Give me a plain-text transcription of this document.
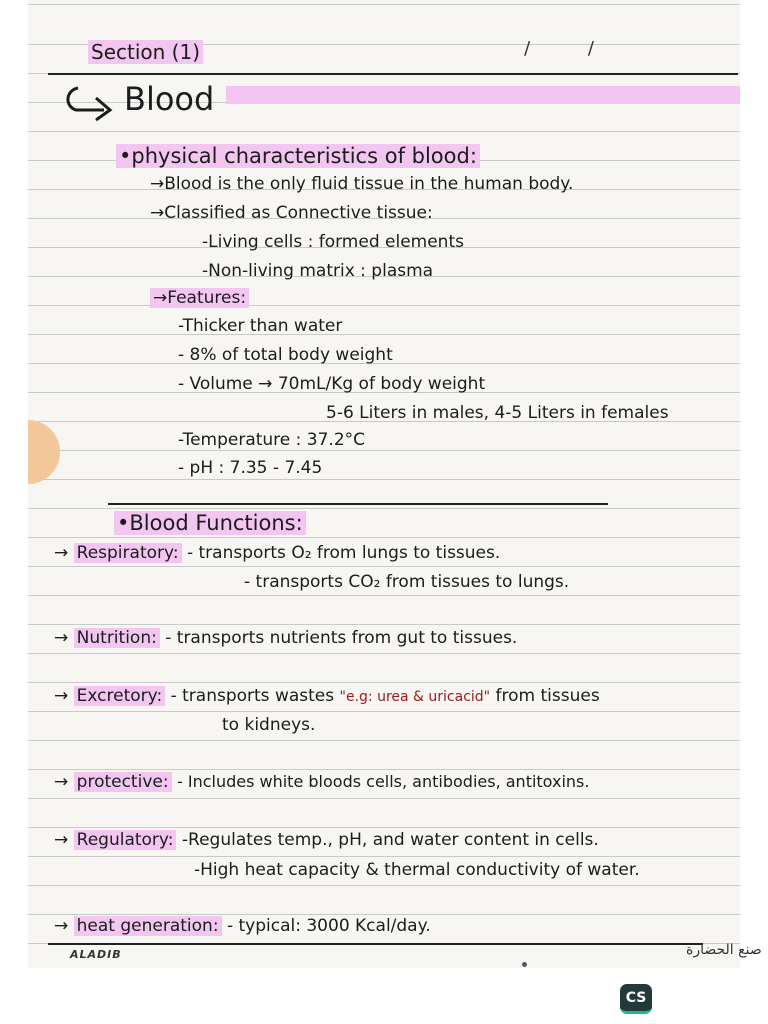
Section (1)	/ /
Blood
•physical characteristics of blood:
→Blood is the only fluid tissue in the human body.
→Classified as Connective tissue:
-Living cells : formed elements
-Non-living matrix : plasma
→Features:
-Thicker than water
- 8% of total body weight
- Volume → 70mL/Kg of body weight
5-6 Liters in males, 4-5 Liters in females
-Temperature : 37.2°C
- pH : 7.35 - 7.45
•Blood Functions:
→ Respiratory: - transports O₂ from lungs to tissues.
- transports CO₂ from tissues to lungs.
→ Nutrition: - transports nutrients from gut to tissues.
→ Excretory: - transports wastes "e.g: urea & uricacid" from tissues
to kidneys.
→ protective: - Includes white bloods cells, antibodies, antitoxins.
→ Regulatory: -Regulates temp., pH, and water content in cells.
-High heat capacity & thermal conductivity of water.
→ heat generation: - typical: 3000 Kcal/day.
ALADIB	صنع الحضارة
CS
